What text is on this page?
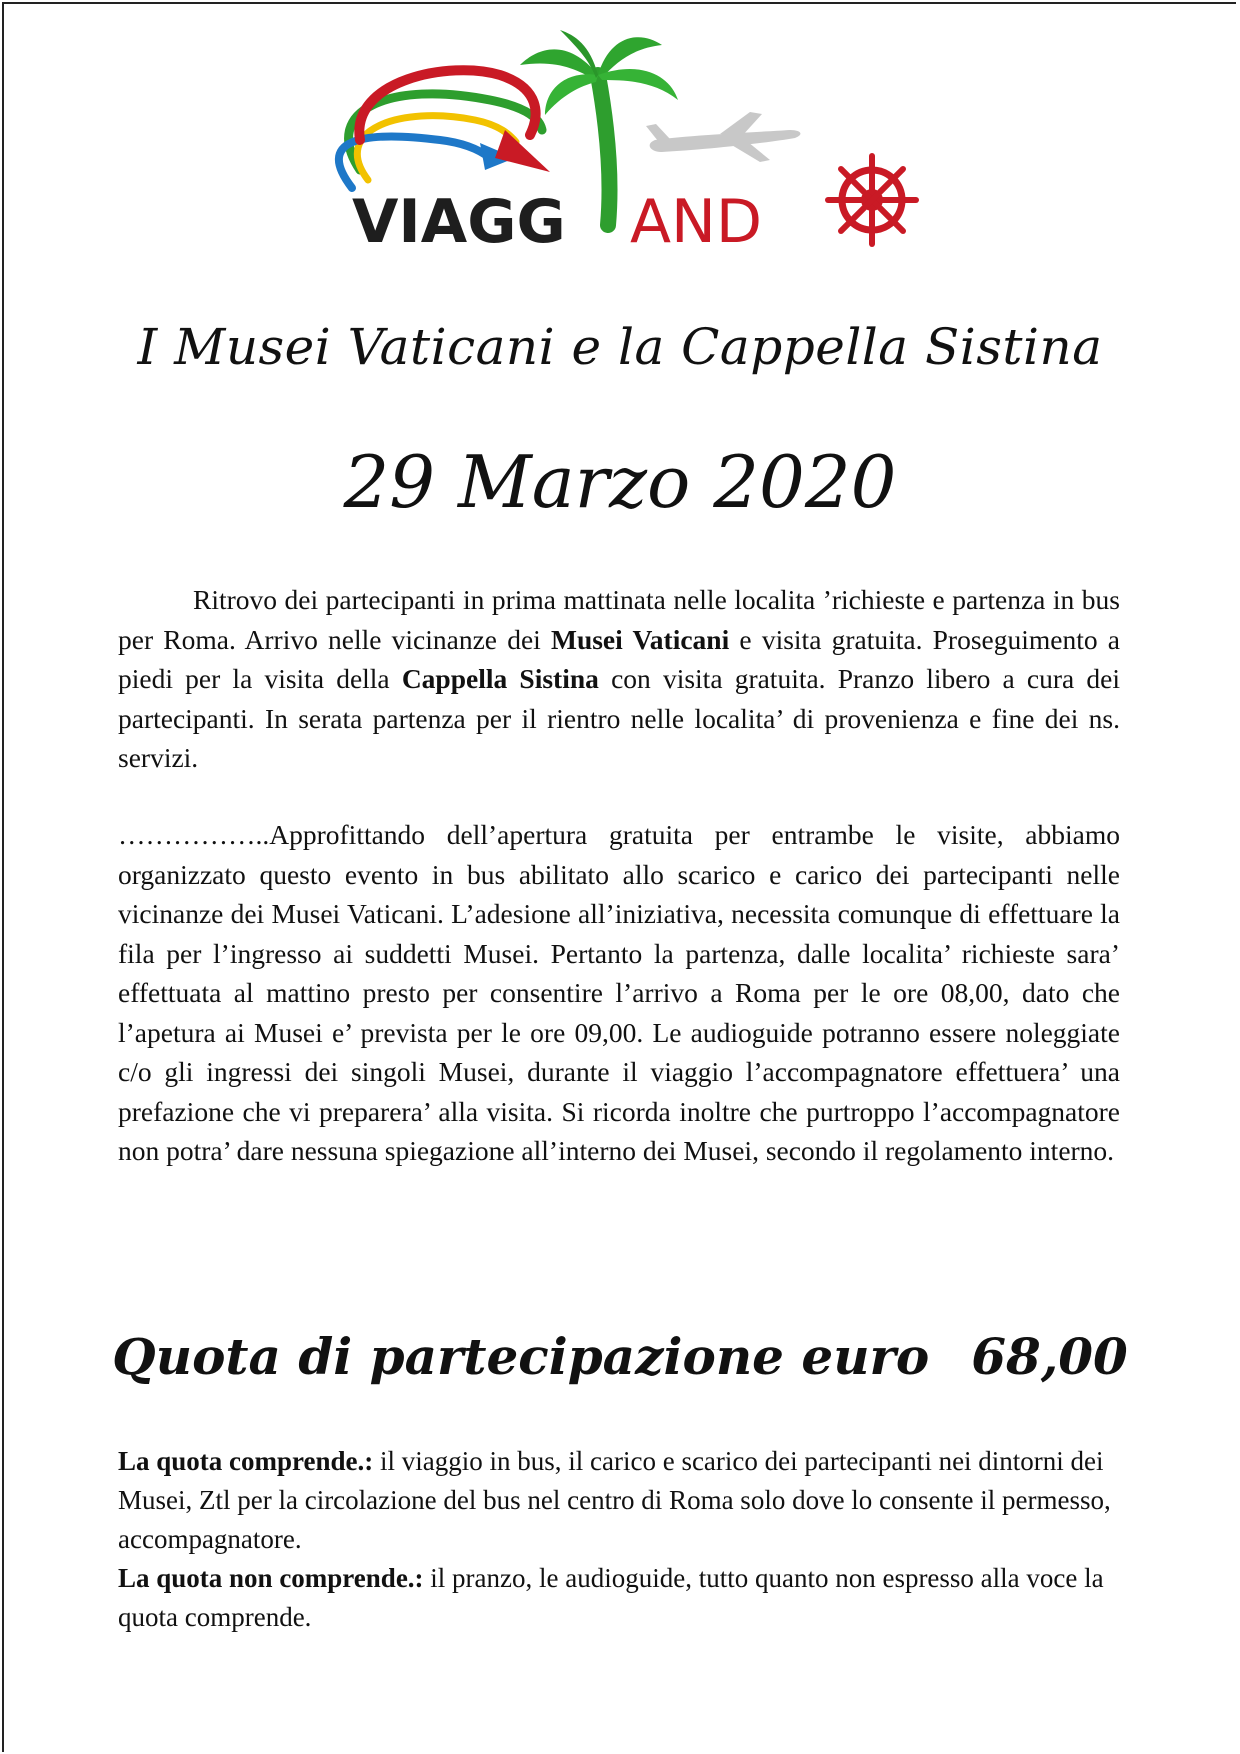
VIAGG AND
I Musei Vaticani e la Cappella Sistina
29 Marzo 2020

Ritrovo dei partecipanti in prima mattinata nelle localita ’richieste e partenza in bus per Roma. Arrivo nelle vicinanze dei Musei Vaticani e visita gratuita. Proseguimento a piedi per la visita della Cappella Sistina con visita gratuita. Pranzo libero a cura dei partecipanti. In serata partenza per il rientro nelle localita’ di provenienza e fine dei ns. servizi.

……………..Approfittando dell’apertura gratuita per entrambe le visite, abbiamo organizzato questo evento in bus abilitato allo scarico e carico dei partecipanti nelle vicinanze dei Musei Vaticani. L’adesione all’iniziativa, necessita comunque di effettuare la fila per l’ingresso ai suddetti Musei. Pertanto la partenza, dalle localita’ richieste sara’ effettuata al mattino presto per consentire l’arrivo a Roma per le ore 08,00, dato che l’apetura ai Musei e’ prevista per le ore 09,00. Le audioguide potranno essere noleggiate c/o gli ingressi dei singoli Musei, durante il viaggio l’accompagnatore effettuera’ una prefazione che vi preparera’ alla visita. Si ricorda inoltre che purtroppo l’accompagnatore non potra’ dare nessuna spiegazione all’interno dei Musei, secondo il regolamento interno.

Quota di partecipazione euro 68,00

La quota comprende.: il viaggio in bus, il carico e scarico dei partecipanti nei dintorni dei Musei, Ztl per la circolazione del bus nel centro di Roma solo dove lo consente il permesso, accompagnatore.
La quota non comprende.: il pranzo, le audioguide, tutto quanto non espresso alla voce la quota comprende.
